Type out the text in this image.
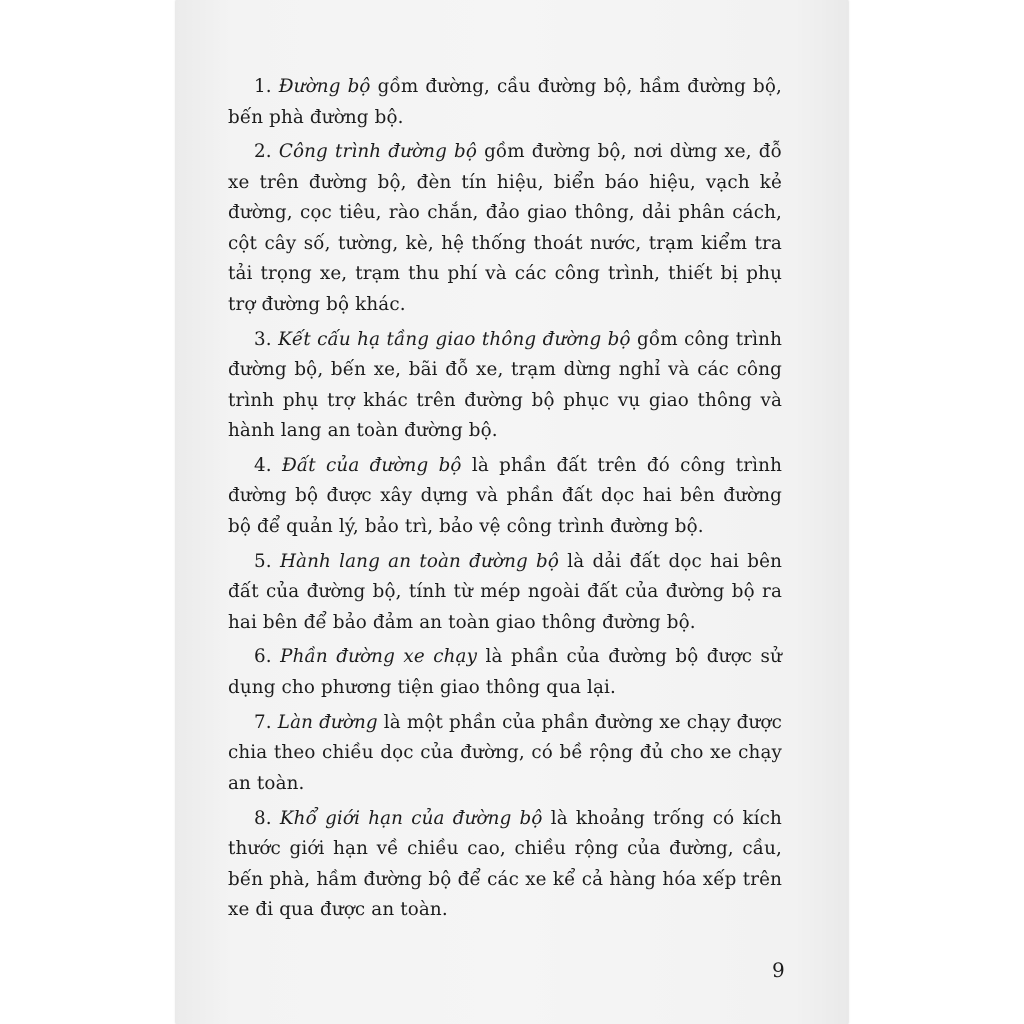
1. Đường bộ gồm đường, cầu đường bộ, hầm đường bộ, bến phà đường bộ.

2. Công trình đường bộ gồm đường bộ, nơi dừng xe, đỗ xe trên đường bộ, đèn tín hiệu, biển báo hiệu, vạch kẻ đường, cọc tiêu, rào chắn, đảo giao thông, dải phân cách, cột cây số, tường, kè, hệ thống thoát nước, trạm kiểm tra tải trọng xe, trạm thu phí và các công trình, thiết bị phụ trợ đường bộ khác.

3. Kết cấu hạ tầng giao thông đường bộ gồm công trình đường bộ, bến xe, bãi đỗ xe, trạm dừng nghỉ và các công trình phụ trợ khác trên đường bộ phục vụ giao thông và hành lang an toàn đường bộ.

4. Đất của đường bộ là phần đất trên đó công trình đường bộ được xây dựng và phần đất dọc hai bên đường bộ để quản lý, bảo trì, bảo vệ công trình đường bộ.

5. Hành lang an toàn đường bộ là dải đất dọc hai bên đất của đường bộ, tính từ mép ngoài đất của đường bộ ra hai bên để bảo đảm an toàn giao thông đường bộ.

6. Phần đường xe chạy là phần của đường bộ được sử dụng cho phương tiện giao thông qua lại.

7. Làn đường là một phần của phần đường xe chạy được chia theo chiều dọc của đường, có bề rộng đủ cho xe chạy an toàn.

8. Khổ giới hạn của đường bộ là khoảng trống có kích thước giới hạn về chiều cao, chiều rộng của đường, cầu, bến phà, hầm đường bộ để các xe kể cả hàng hóa xếp trên xe đi qua được an toàn.

9
